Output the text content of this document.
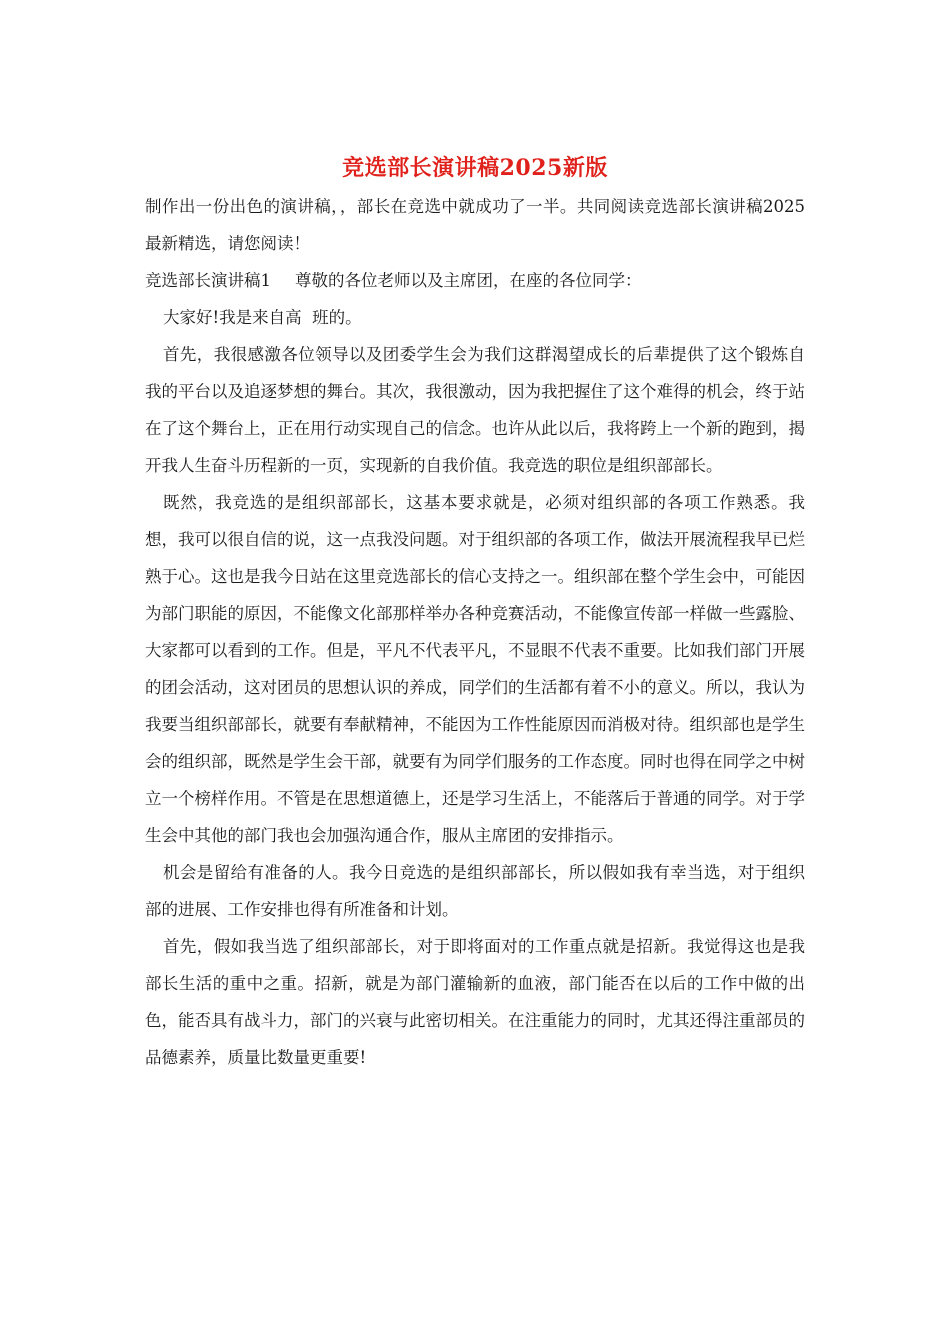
竞选部长演讲稿2025新版

制作出一份出色的演讲稿，，部长在竞选中就成功了一半。共同阅读竞选部长演讲稿2025最新精选，请您阅读！

竞选部长演讲稿1 尊敬的各位老师以及主席团，在座的各位同学：

大家好!我是来自高  班的。

首先，我很感激各位领导以及团委学生会为我们这群渴望成长的后辈提供了这个锻炼自我的平台以及追逐梦想的舞台。其次，我很激动，因为我把握住了这个难得的机会，终于站在了这个舞台上，正在用行动实现自己的信念。也许从此以后，我将跨上一个新的跑到，揭开我人生奋斗历程新的一页，实现新的自我价值。我竞选的职位是组织部部长。

既然，我竞选的是组织部部长，这基本要求就是，必须对组织部的各项工作熟悉。我想，我可以很自信的说，这一点我没问题。对于组织部的各项工作，做法开展流程我早已烂熟于心。这也是我今日站在这里竞选部长的信心支持之一。组织部在整个学生会中，可能因为部门职能的原因，不能像文化部那样举办各种竞赛活动，不能像宣传部一样做一些露脸、大家都可以看到的工作。但是，平凡不代表平凡，不显眼不代表不重要。比如我们部门开展的团会活动，这对团员的思想认识的养成，同学们的生活都有着不小的意义。所以，我认为我要当组织部部长，就要有奉献精神，不能因为工作性能原因而消极对待。组织部也是学生会的组织部，既然是学生会干部，就要有为同学们服务的工作态度。同时也得在同学之中树立一个榜样作用。不管是在思想道德上，还是学习生活上，不能落后于普通的同学。对于学生会中其他的部门我也会加强沟通合作，服从主席团的安排指示。

机会是留给有准备的人。我今日竞选的是组织部部长，所以假如我有幸当选，对于组织部的进展、工作安排也得有所准备和计划。

首先，假如我当选了组织部部长，对于即将面对的工作重点就是招新。我觉得这也是我部长生活的重中之重。招新，就是为部门灌输新的血液，部门能否在以后的工作中做的出色，能否具有战斗力，部门的兴衰与此密切相关。在注重能力的同时，尤其还得注重部员的品德素养，质量比数量更重要!
